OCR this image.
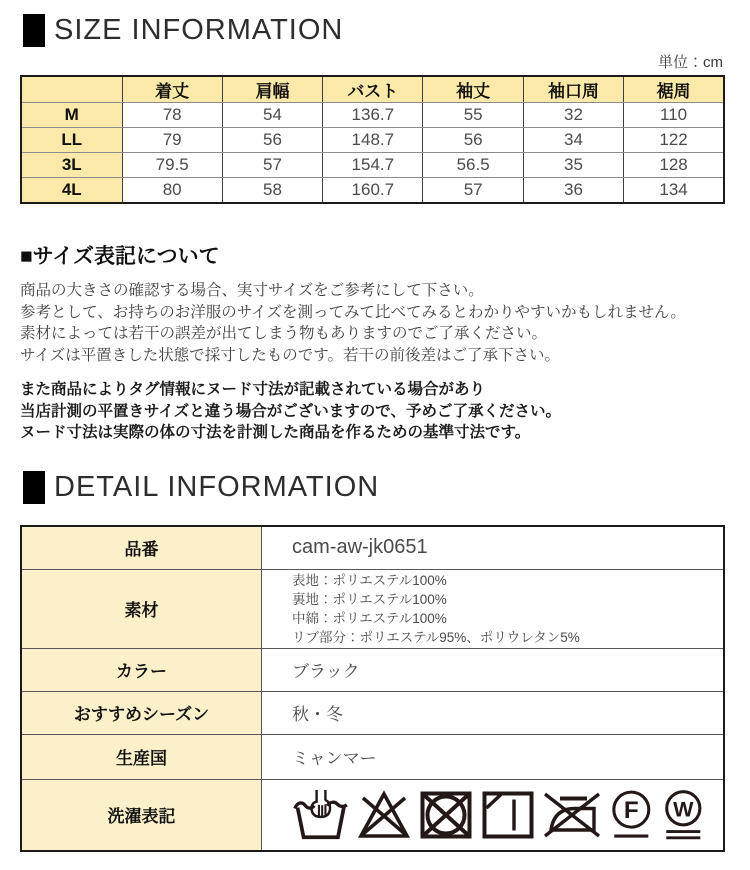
SIZE INFORMATION
単位：cm
	着丈	肩幅	バスト	袖丈	袖口周	裾周
M	78	54	136.7	55	32	110
LL	79	56	148.7	56	34	122
3L	79.5	57	154.7	56.5	35	128
4L	80	58	160.7	57	36	134
■サイズ表記について
商品の大きさの確認する場合、実寸サイズをご参考にして下さい。
参考として、お持ちのお洋服のサイズを測ってみて比べてみるとわかりやすいかもしれません。
素材によっては若干の誤差が出てしまう物もありますのでご了承ください。
サイズは平置きした状態で採寸したものです。若干の前後差はご了承下さい。
また商品によりタグ情報にヌード寸法が記載されている場合があり
当店計測の平置きサイズと違う場合がございますので、予めご了承ください。
ヌード寸法は実際の体の寸法を計測した商品を作るための基準寸法です。
DETAIL INFORMATION
品番	cam-aw-jk0651
素材	表地：ポリエステル100%
裏地：ポリエステル100%
中綿：ポリエステル100%
リブ部分：ポリエステル95%、ポリウレタン5%

カラー	ブラック
おすすめシーズン	秋・冬
生産国	ミャンマー
洗濯表記	F W
